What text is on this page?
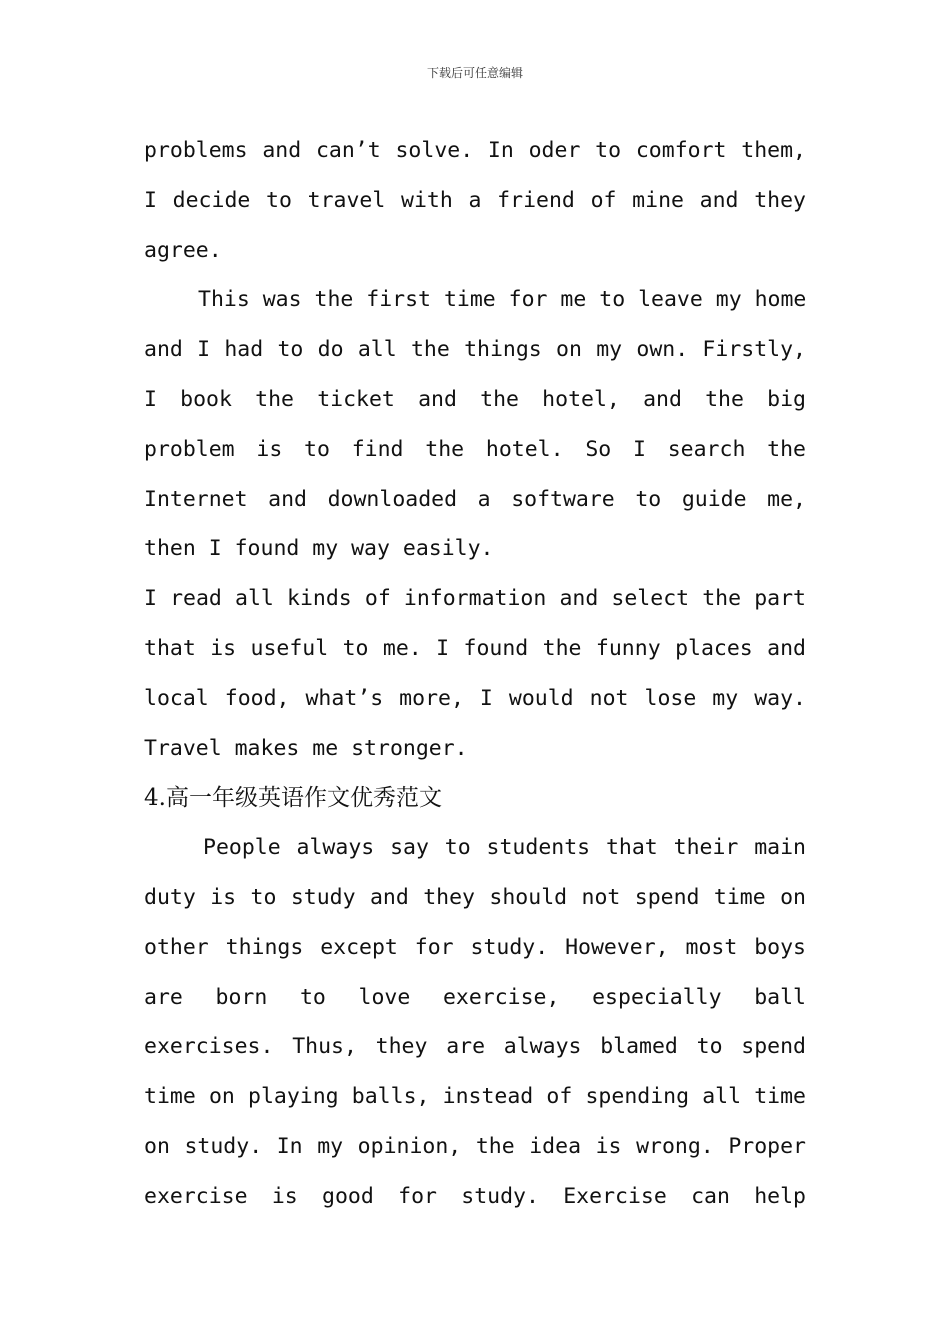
下载后可任意编辑
problems and can’t solve. In oder to comfort them,
I decide to travel with a friend of mine and they
agree.
This was the first time for me to leave my home
and I had to do all the things on my own. Firstly,
I book the ticket and the hotel, and the big
problem is to find the hotel. So I search the
Internet and downloaded a software to guide me,
then I found my way easily.
I read all kinds of information and select the part
that is useful to me. I found the funny places and
local food, what’s more, I would not lose my way.
Travel makes me stronger.
4.高一年级英语作文优秀范文
People always say to students that their main
duty is to study and they should not spend time on
other things except for study. However, most boys
are born to love exercise, especially ball
exercises. Thus, they are always blamed to spend
time on playing balls, instead of spending all time
on study. In my opinion, the idea is wrong. Proper
exercise is good for study. Exercise can help
